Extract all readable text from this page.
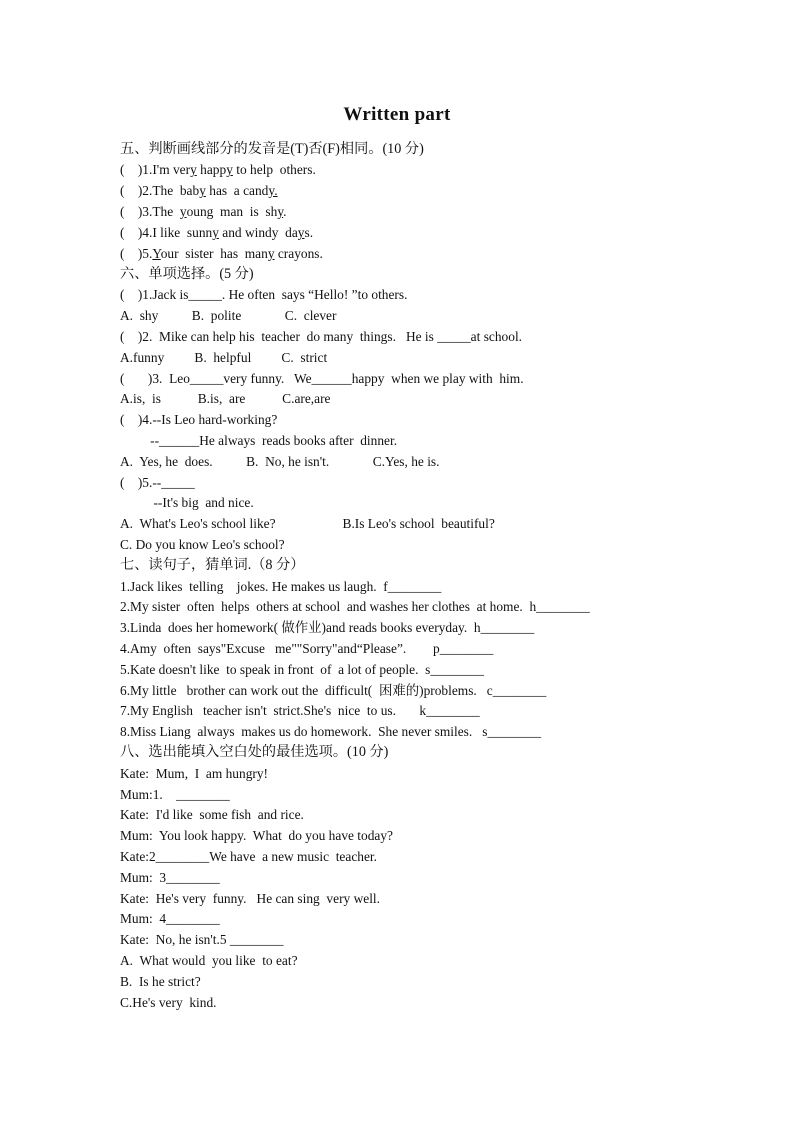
Written part
五、判断画线部分的发音是(T)否(F)相同。(10 分)
(    )1.I'm very happy to help  others.
(    )2.The  baby has  a candy.
(    )3.The  young  man  is  shy.
(    )4.I like  sunny and windy  days.
(    )5.Your  sister  has  many crayons.
六、单项选择。(5 分)
(    )1.Jack is_____. He often  says “Hello! ”to others.
A.  shy          B.  polite             C.  clever
(    )2.  Mike can help his  teacher  do many  things.   He is _____at school.
A.funny         B.  helpful         C.  strict
(       )3.  Leo_____very funny.   We______happy  when we play with  him.
A.is,  is           B.is,  are           C.are,are
(    )4.--Is Leo hard-working?
--______He always  reads books after  dinner.
A.  Yes, he  does.          B.  No, he isn't.             C.Yes, he is.
(    )5.--_____
--It's big  and nice.
A.  What's Leo's school like?                    B.Is Leo's school  beautiful?
C. Do you know Leo's school?
七、读句子，猜单词.（8 分）
1.Jack likes  telling    jokes. He makes us laugh.  f________
2.My sister  often  helps  others at school  and washes her clothes  at home.  h________
3.Linda  does her homework( 做作业)and reads books everyday.  h________
4.Amy  often  says"Excuse   me""Sorry"and“Please”.        p________
5.Kate doesn't like  to speak in front  of  a lot of people.  s________
6.My little   brother can work out the  difficult(  困难的)problems.   c________
7.My English   teacher isn't  strict.She's  nice  to us.       k________
8.Miss Liang  always  makes us do homework.  She never smiles.   s________
八、选出能填入空白处的最佳选项。(10 分)
Kate:  Mum,  I  am hungry!
Mum:1.    ________
Kate:  I'd like  some fish  and rice.
Mum:  You look happy.  What  do you have today?
Kate:2________We have  a new music  teacher.
Mum:  3________
Kate:  He's very  funny.   He can sing  very well.
Mum:  4________
Kate:  No, he isn't.5 ________
A.  What would  you like  to eat?
B.  Is he strict?
C.He's very  kind.
